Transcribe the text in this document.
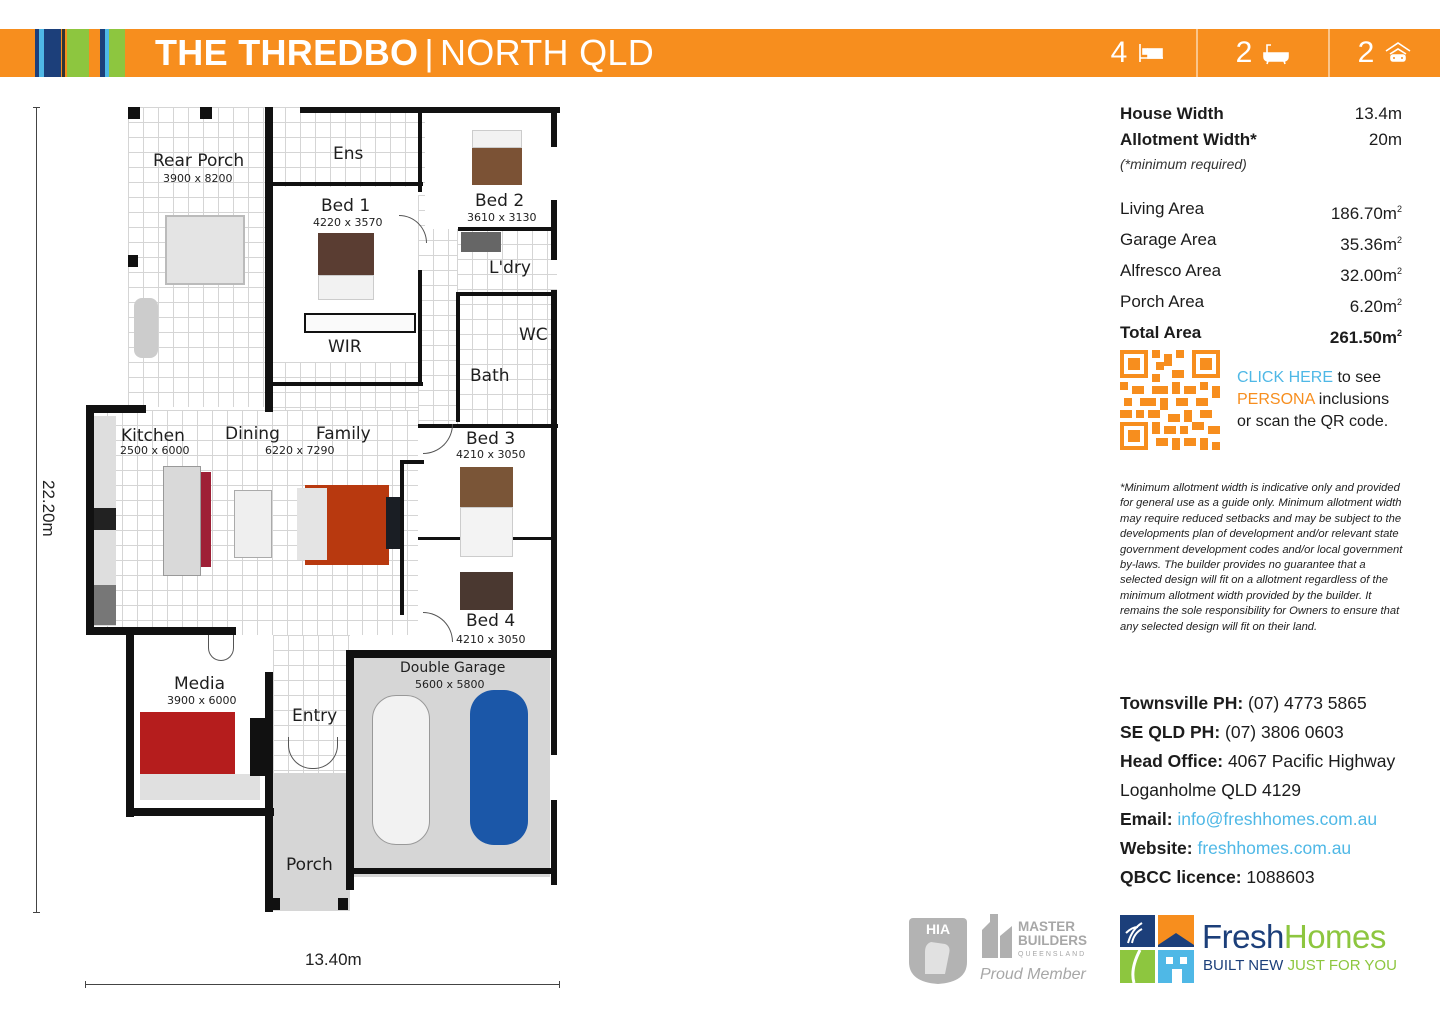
THE THREDBO | NORTH QLD	4	2	2
22.20m
13.40m
Rear Porch
3900 x 8200
Ens
Bed 1
4220 x 3570
WIR
Bed 2
3610 x 3130
L'dry
WC
Bath
Kitchen
2500 x 6000
Dining Family
6220 x 7290
Bed 3
4210 x 3050
Bed 4
4210 x 3050
Media
3900 x 6000
Entry
Double Garage
5600 x 5800
Porch
House Width	13.4m
Allotment Width*	20m
(*minimum required)
Living Area	$186.70m^2$
Garage Area	$35.36m^2$
Alfresco Area	$32.00m^2$
Porch Area	$6.20m^2$
Total Area	$261.50m^2$
CLICK HERE to see
PERSONA inclusions
or scan the QR code.
*Minimum allotment width is indicative only and provided for general use as a guide only. Minimum allotment width may require reduced setbacks and may be subject to the developments plan of development and/or relevant state government development codes and/or local government by-laws. The builder provides no guarantee that a selected design will fit on a allotment regardless of the minimum allotment width provided by the builder. It remains the sole responsibility for Owners to ensure that any selected design will fit on their land.
Townsville PH: (07) 4773 5865
SE QLD PH: (07) 3806 0603
Head Office: 4067 Pacific Highway
Loganholme QLD 4129
Email: info@freshhomes.com.au
Website: freshhomes.com.au
QBCC licence: 1088603
HIA	MASTER
BUILDERS
QUEENSLAND
Proud Member
FreshHomes
BUILT NEW JUST FOR YOU
